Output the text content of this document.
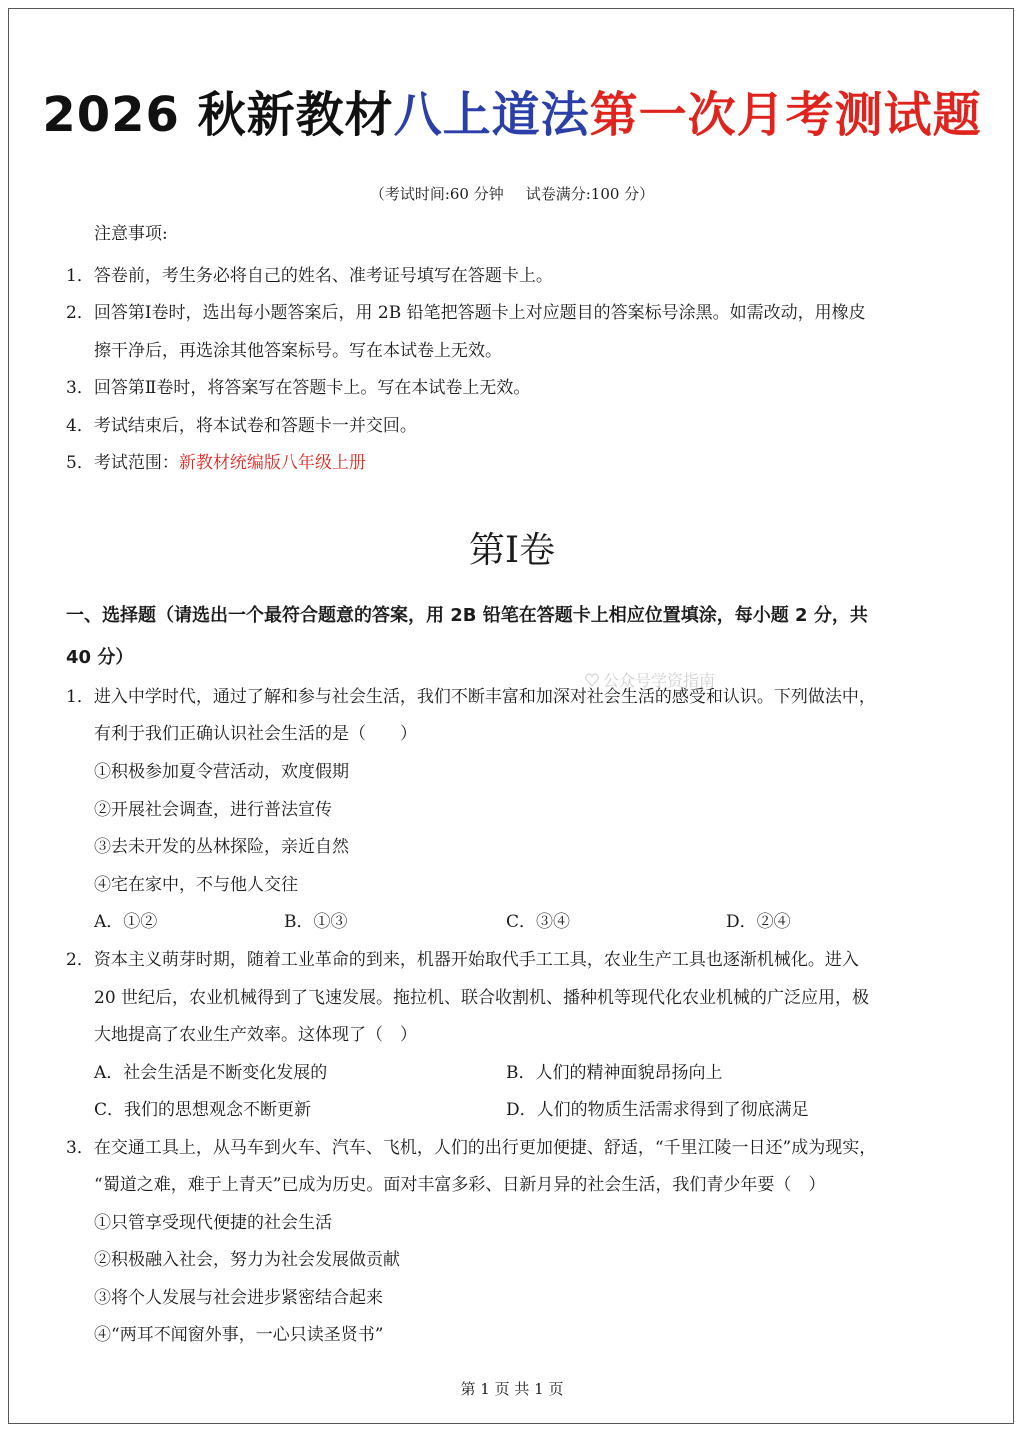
2026 秋新教材八上道法第一次月考测试题
（考试时间:60 分钟 试卷满分:100 分）
注意事项:
1．答卷前，考生务必将自己的姓名、准考证号填写在答题卡上。
2．回答第Ⅰ卷时，选出每小题答案后，用 2B 铅笔把答题卡上对应题目的答案标号涂黑。如需改动，用橡皮
擦干净后，再选涂其他答案标号。写在本试卷上无效。
3．回答第Ⅱ卷时，将答案写在答题卡上。写在本试卷上无效。
4．考试结束后，将本试卷和答题卡一并交回。
5．考试范围：新教材统编版八年级上册
第Ⅰ卷
一、选择题（请选出一个最符合题意的答案，用 2B 铅笔在答题卡上相应位置填涂，每小题 2 分，共
40 分）
公众号学资指南
1．进入中学时代，通过了解和参与社会生活，我们不断丰富和加深对社会生活的感受和认识。下列做法中，
有利于我们正确认识社会生活的是（　　）
①积极参加夏令营活动，欢度假期
②开展社会调查，进行普法宣传
③去未开发的丛林探险，亲近自然
④宅在家中，不与他人交往
A．①②	B．①③	C．③④	D．②④
2．资本主义萌芽时期，随着工业革命的到来，机器开始取代手工工具，农业生产工具也逐渐机械化。进入
20 世纪后，农业机械得到了飞速发展。拖拉机、联合收割机、播种机等现代化农业机械的广泛应用，极
大地提高了农业生产效率。这体现了（　）
A．社会生活是不断变化发展的	B．人们的精神面貌昂扬向上
C．我们的思想观念不断更新	D．人们的物质生活需求得到了彻底满足
3．在交通工具上，从马车到火车、汽车、飞机，人们的出行更加便捷、舒适，“千里江陵一日还”成为现实，
“蜀道之难，难于上青天”已成为历史。面对丰富多彩、日新月异的社会生活，我们青少年要（　）
①只管享受现代便捷的社会生活
②积极融入社会，努力为社会发展做贡献
③将个人发展与社会进步紧密结合起来
④“两耳不闻窗外事，一心只读圣贤书”
第 1 页 共 1 页
